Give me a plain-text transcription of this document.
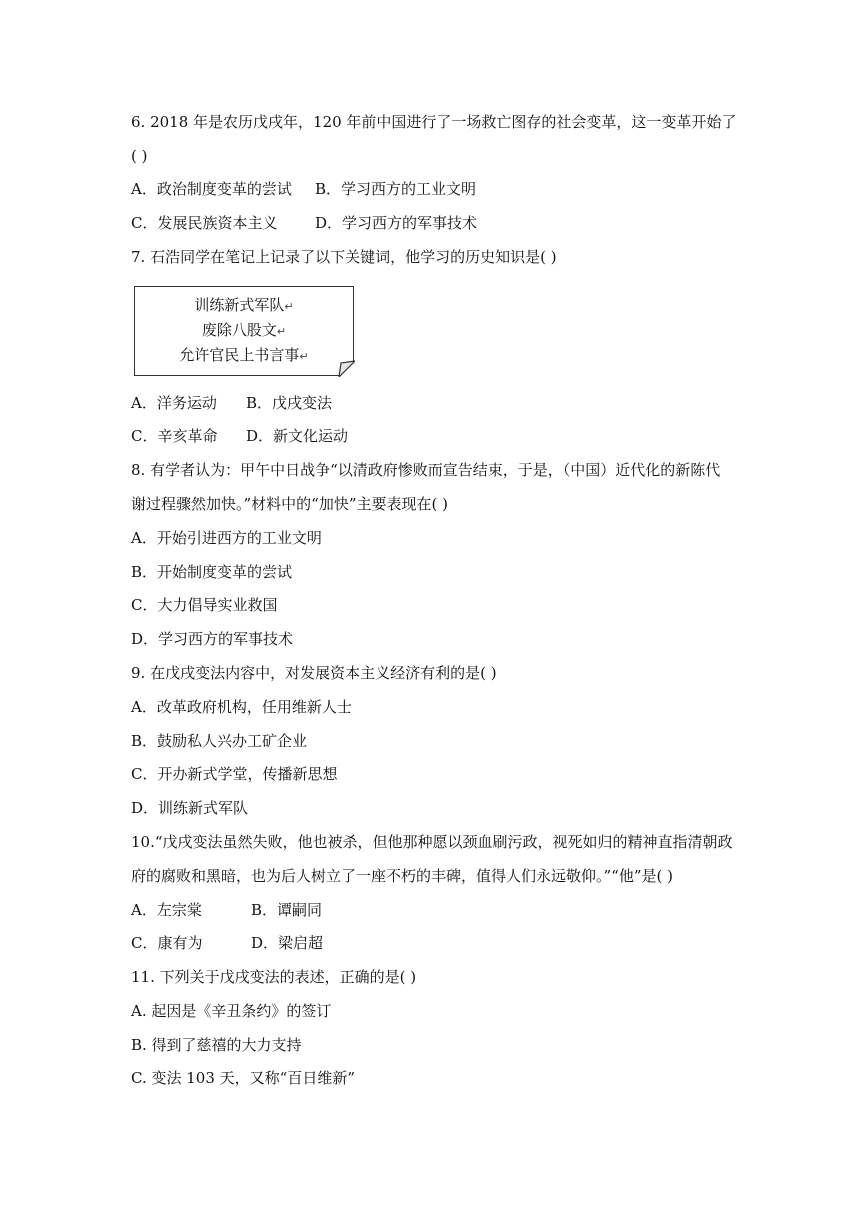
6. 2018 年是农历戊戌年，120 年前中国进行了一场救亡图存的社会变革，这一变革开始了
( )
A．政治制度变革的尝试 B．学习西方的工业文明
C．发展民族资本主义	D．学习西方的军事技术
7. 石浩同学在笔记上记录了以下关键词，他学习的历史知识是( )
训练新式军队↵
废除八股文↵
允许官民上书言事↵
A．洋务运动 B．戊戌变法
C．辛亥革命 D．新文化运动
8. 有学者认为：甲午中日战争“以清政府惨败而宣告结束，于是，（中国）近代化的新陈代
谢过程骤然加快。”材料中的“加快”主要表现在( )
A．开始引进西方的工业文明
B．开始制度变革的尝试
C．大力倡导实业救国
D．学习西方的军事技术
9. 在戊戌变法内容中，对发展资本主义经济有利的是( )
A．改革政府机构，任用维新人士
B．鼓励私人兴办工矿企业
C．开办新式学堂，传播新思想
D．训练新式军队
10.“戊戌变法虽然失败，他也被杀，但他那种愿以颈血刷污政，视死如归的精神直指清朝政
府的腐败和黑暗，也为后人树立了一座不朽的丰碑，值得人们永远敬仰。”“他”是( )
A．左宗棠	B．谭嗣同
C．康有为	D．梁启超
11. 下列关于戊戌变法的表述，正确的是( )
A. 起因是《辛丑条约》的签订
B. 得到了慈禧的大力支持
C. 变法 103 天，又称“百日维新”
